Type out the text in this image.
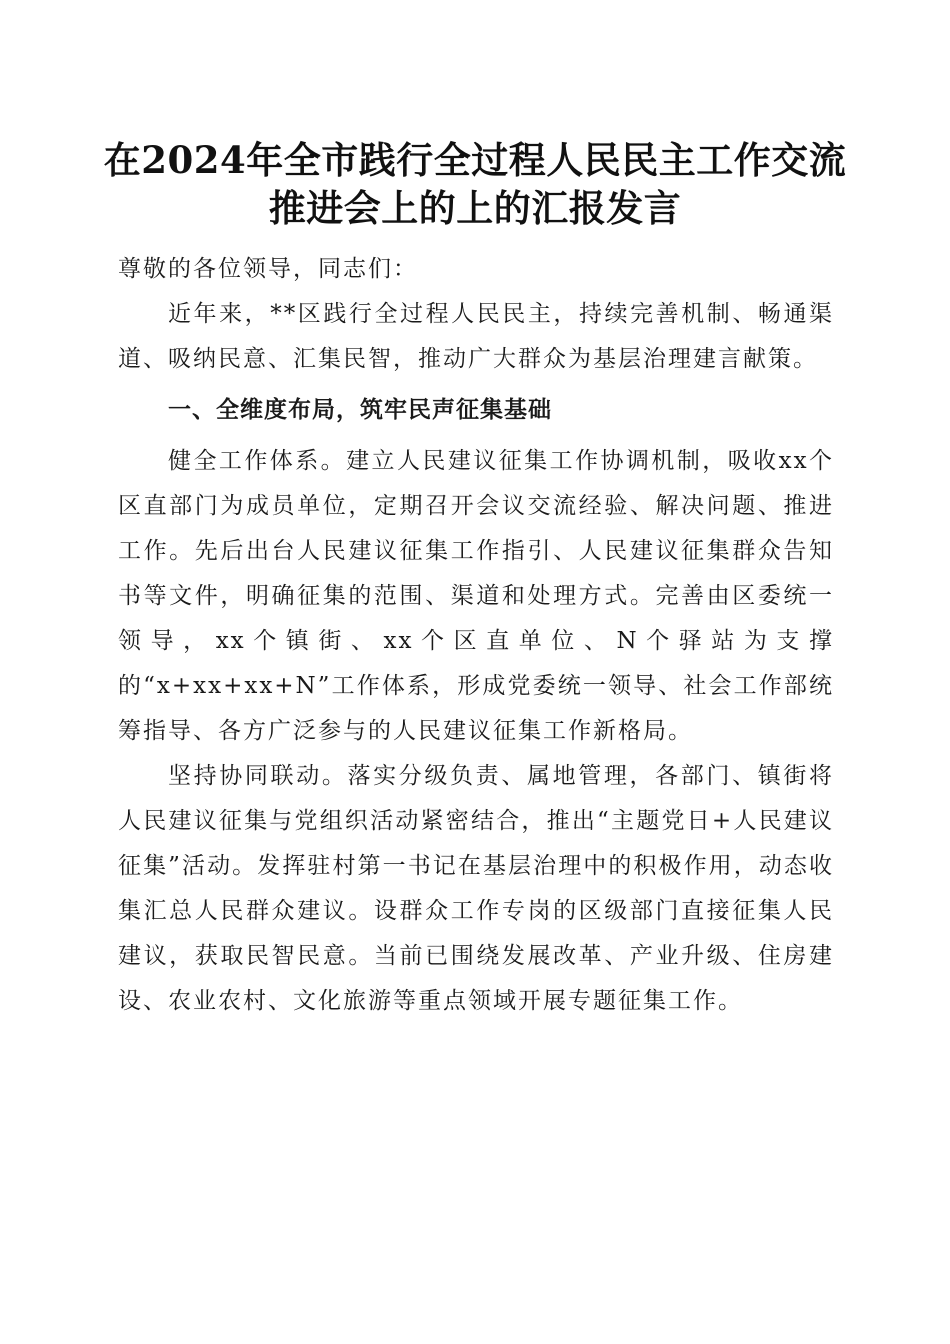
在2024年全市践行全过程人民民主工作交流
推进会上的上的汇报发言

尊敬的各位领导，同志们：

近年来，**区践行全过程人民民主，持续完善机制、畅通渠道、吸纳民意、汇集民智，推动广大群众为基层治理建言献策。

一、全维度布局，筑牢民声征集基础

健全工作体系。建立人民建议征集工作协调机制，吸收xx个区直部门为成员单位，定期召开会议交流经验、解决问题、推进工作。先后出台人民建议征集工作指引、人民建议征集群众告知书等文件，明确征集的范围、渠道和处理方式。完善由区委统一领导，xx个镇街、xx个区直单位、N个驿站为支撑的“x+xx+xx+N”工作体系，形成党委统一领导、社会工作部统筹指导、各方广泛参与的人民建议征集工作新格局。

坚持协同联动。落实分级负责、属地管理，各部门、镇街将人民建议征集与党组织活动紧密结合，推出“主题党日+人民建议征集”活动。发挥驻村第一书记在基层治理中的积极作用，动态收集汇总人民群众建议。设群众工作专岗的区级部门直接征集人民建议，获取民智民意。当前已围绕发展改革、产业升级、住房建设、农业农村、文化旅游等重点领域开展专题征集工作。
